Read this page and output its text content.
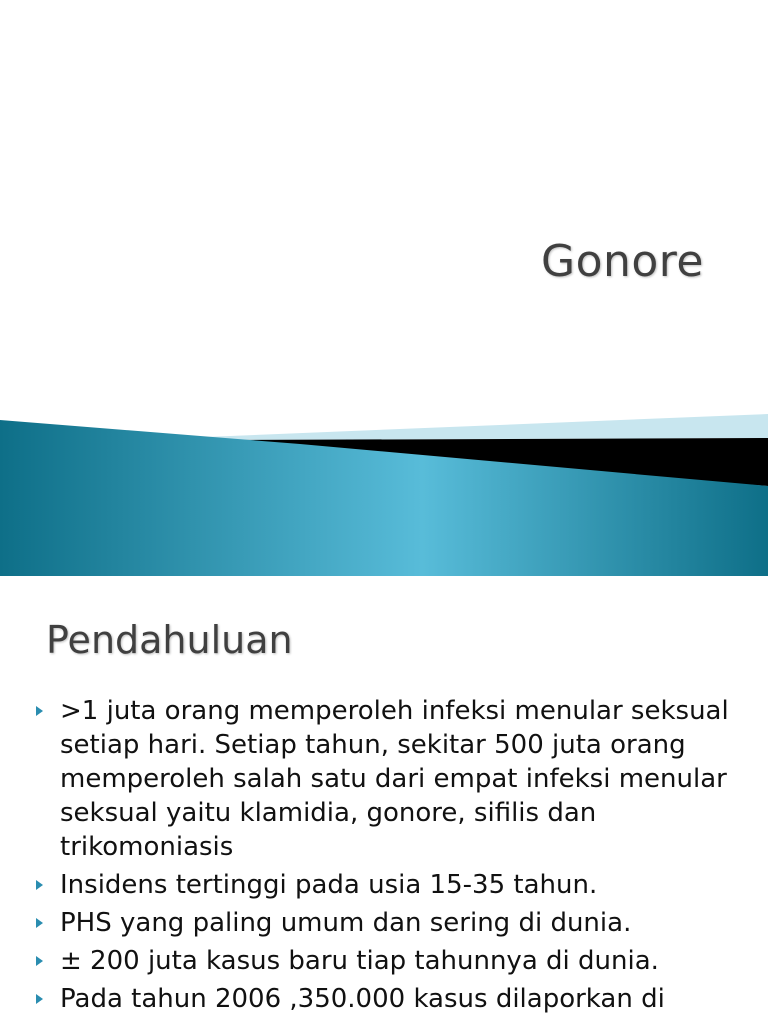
Gonore
Pendahuluan
>1 juta orang memperoleh infeksi menular seksual setiap hari. Setiap tahun, sekitar 500 juta orang memperoleh salah satu dari empat infeksi menular seksual yaitu klamidia, gonore, sifilis dan trikomoniasis
Insidens tertinggi pada usia 15-35 tahun.
PHS yang paling umum dan sering di dunia.
± 200 juta kasus baru tiap tahunnya di dunia.
Pada tahun 2006 ,350.000 kasus dilaporkan di
